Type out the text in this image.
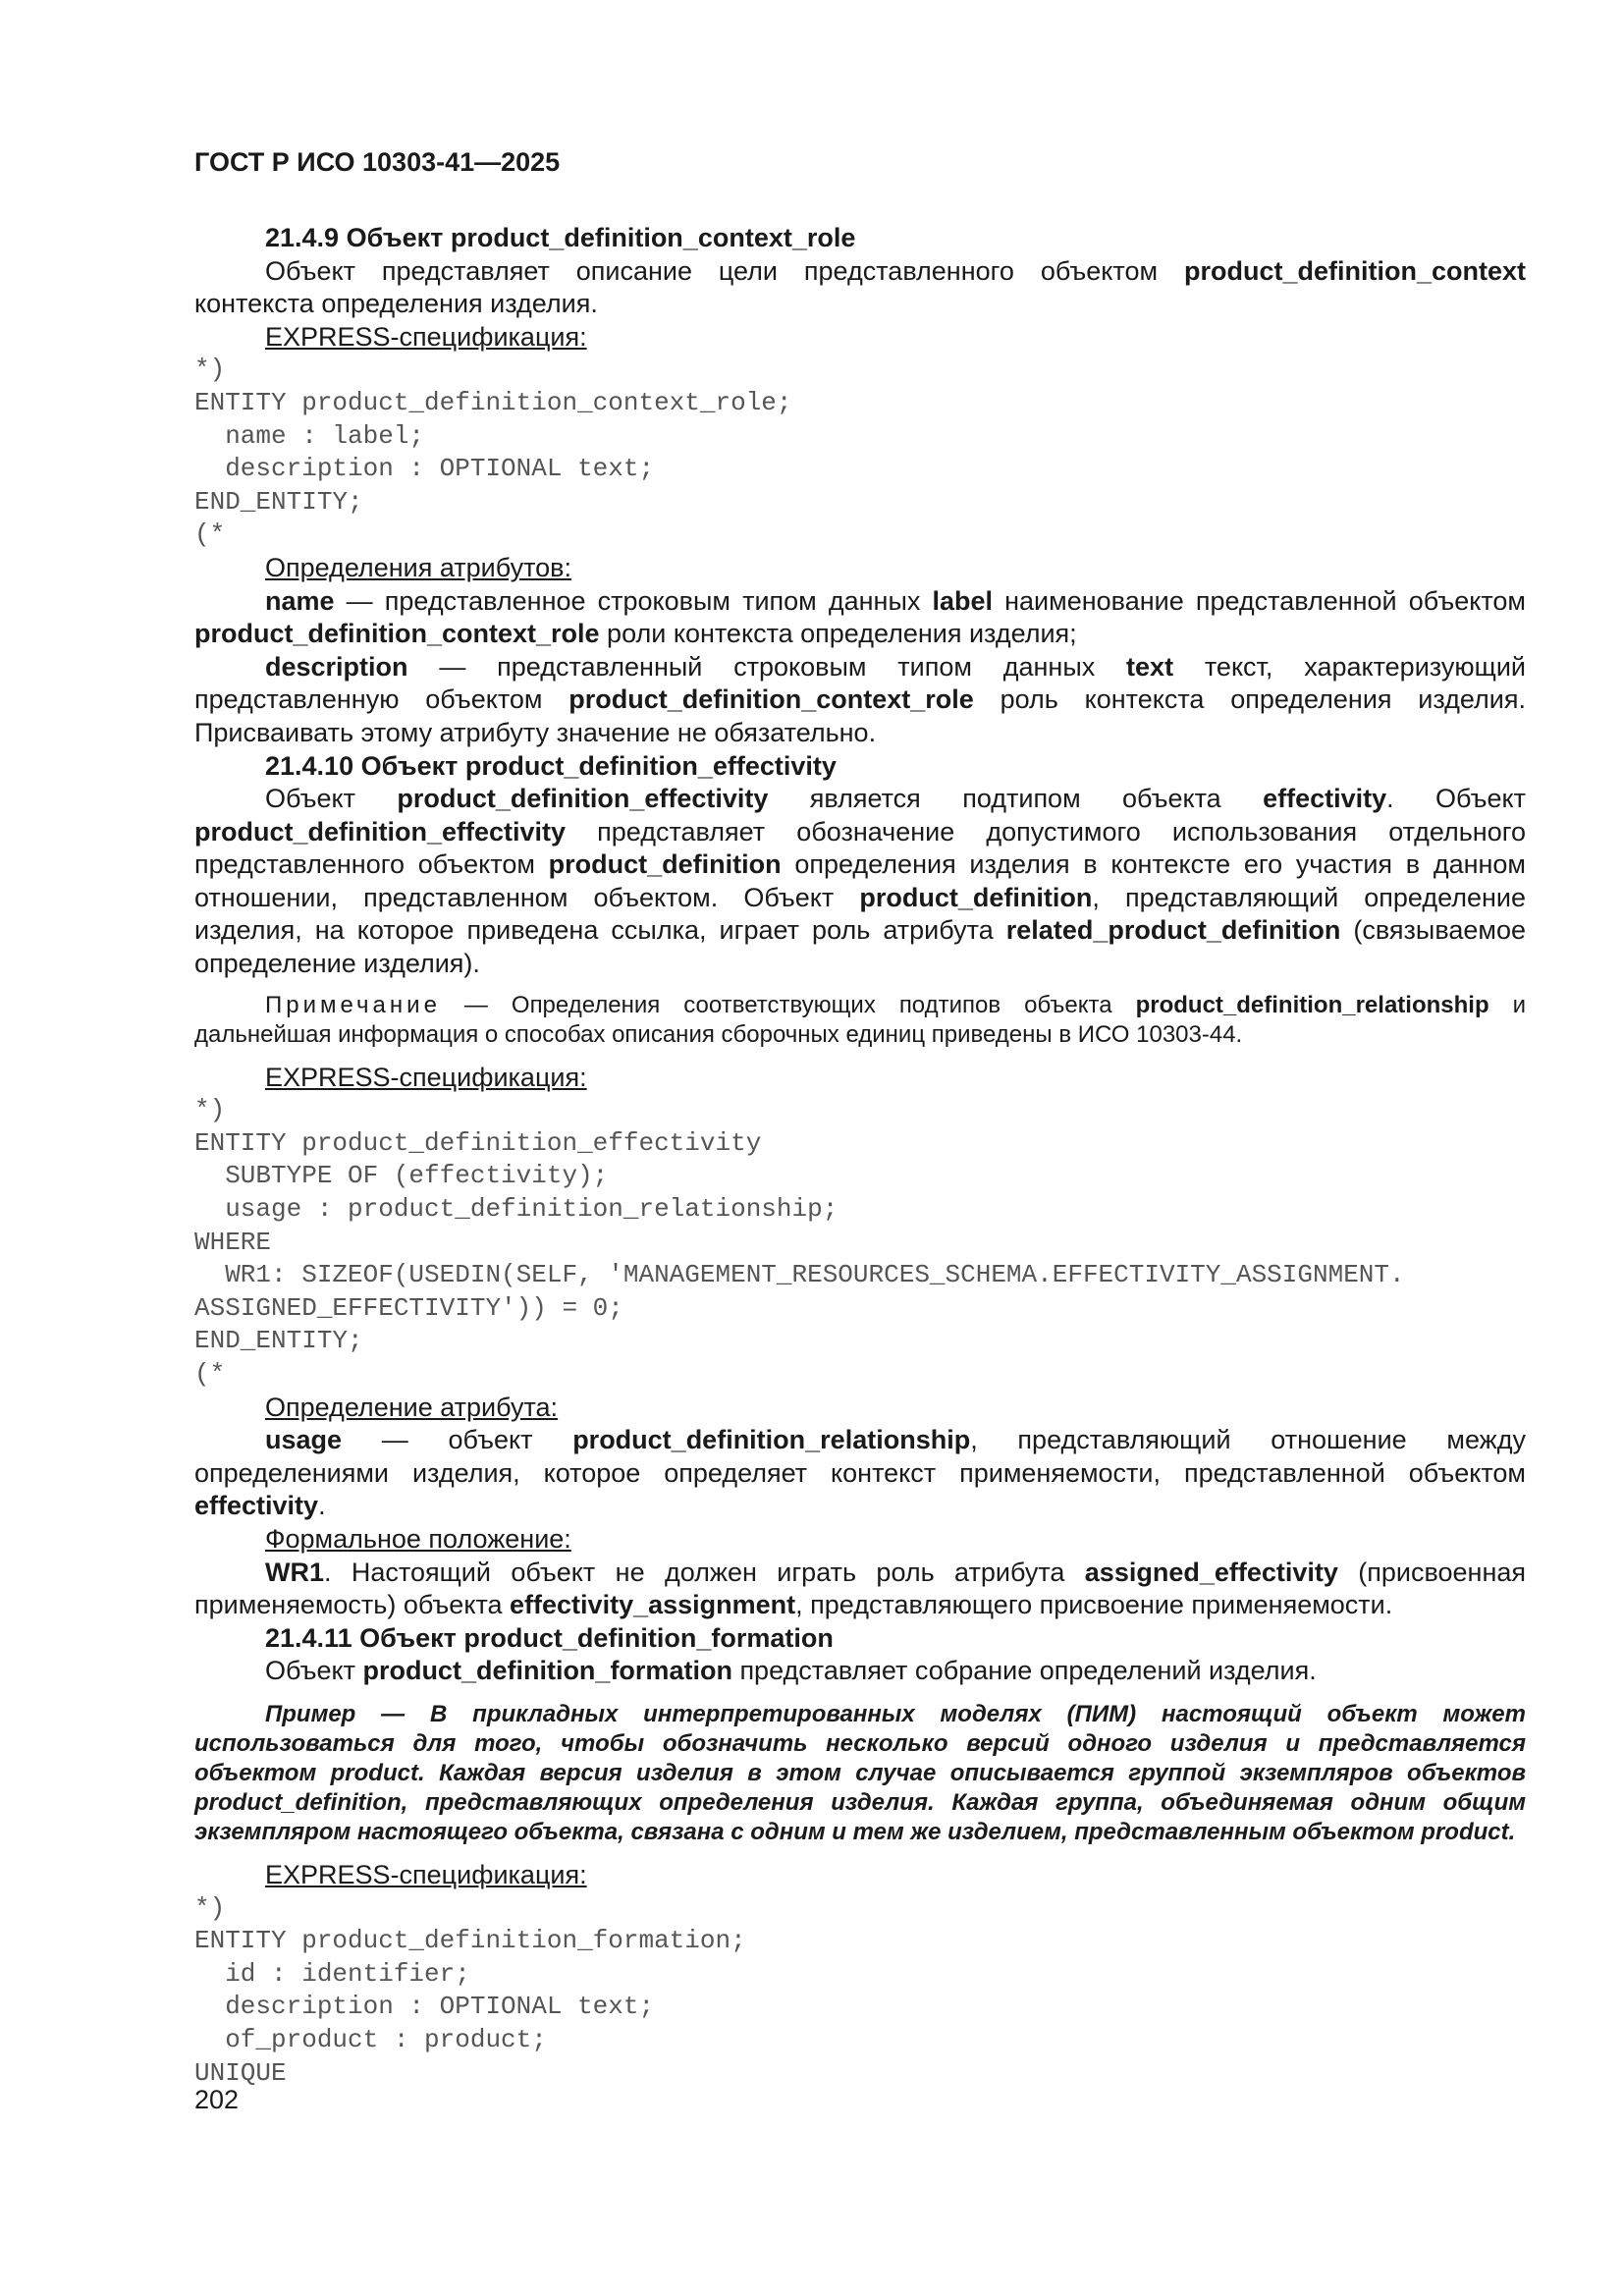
ГОСТ Р ИСО 10303-41—2025

21.4.9 Объект product_definition_context_role

Объект представляет описание цели представленного объектом product_definition_context контекста определения изделия.

EXPRESS-спецификация:

*)

ENTITY product_definition_context_role;

name : label;

description : OPTIONAL text;

END_ENTITY;

(*

Определения атрибутов:

name — представленное строковым типом данных label наименование представленной объектом product_definition_context_role роли контекста определения изделия;

description — представленный строковым типом данных text текст, характеризующий представленную объектом product_definition_context_role роль контекста определения изделия. Присваивать этому атрибуту значение не обязательно.

21.4.10 Объект product_definition_effectivity

Объект product_definition_effectivity является подтипом объекта effectivity. Объект product_definition_effectivity представляет обозначение допустимого использования отдельного представленного объектом product_definition определения изделия в контексте его участия в данном отношении, представленном объектом. Объект product_definition, представляющий определение изделия, на которое приведена ссылка, играет роль атрибута related_product_definition (связываемое определение изделия).

Примечание — Определения соответствующих подтипов объекта product_definition_relationship и дальнейшая информация о способах описания сборочных единиц приведены в ИСО 10303-44.

EXPRESS-спецификация:

*)

ENTITY product_definition_effectivity

SUBTYPE OF (effectivity);

usage : product_definition_relationship;

WHERE

WR1: SIZEOF(USEDIN(SELF, 'MANAGEMENT_RESOURCES_SCHEMA.EFFECTIVITY_ASSIGNMENT.

ASSIGNED_EFFECTIVITY')) = 0;

END_ENTITY;

(*

Определение атрибута:

usage — объект product_definition_relationship, представляющий отношение между определениями изделия, которое определяет контекст применяемости, представленной объектом effectivity.

Формальное положение:

WR1. Настоящий объект не должен играть роль атрибута assigned_effectivity (присвоенная применяемость) объекта effectivity_assignment, представляющего присвоение применяемости.

21.4.11 Объект product_definition_formation

Объект product_definition_formation представляет собрание определений изделия.

Пример — В прикладных интерпретированных моделях (ПИМ) настоящий объект может использоваться для того, чтобы обозначить несколько версий одного изделия и представляется объектом product. Каждая версия изделия в этом случае описывается группой экземпляров объектов product_definition, представляющих определения изделия. Каждая группа, объединяемая одним общим экземпляром настоящего объекта, связана с одним и тем же изделием, представленным объектом product.

EXPRESS-спецификация:

*)

ENTITY product_definition_formation;

id : identifier;

description : OPTIONAL text;

of_product : product;

UNIQUE

202
